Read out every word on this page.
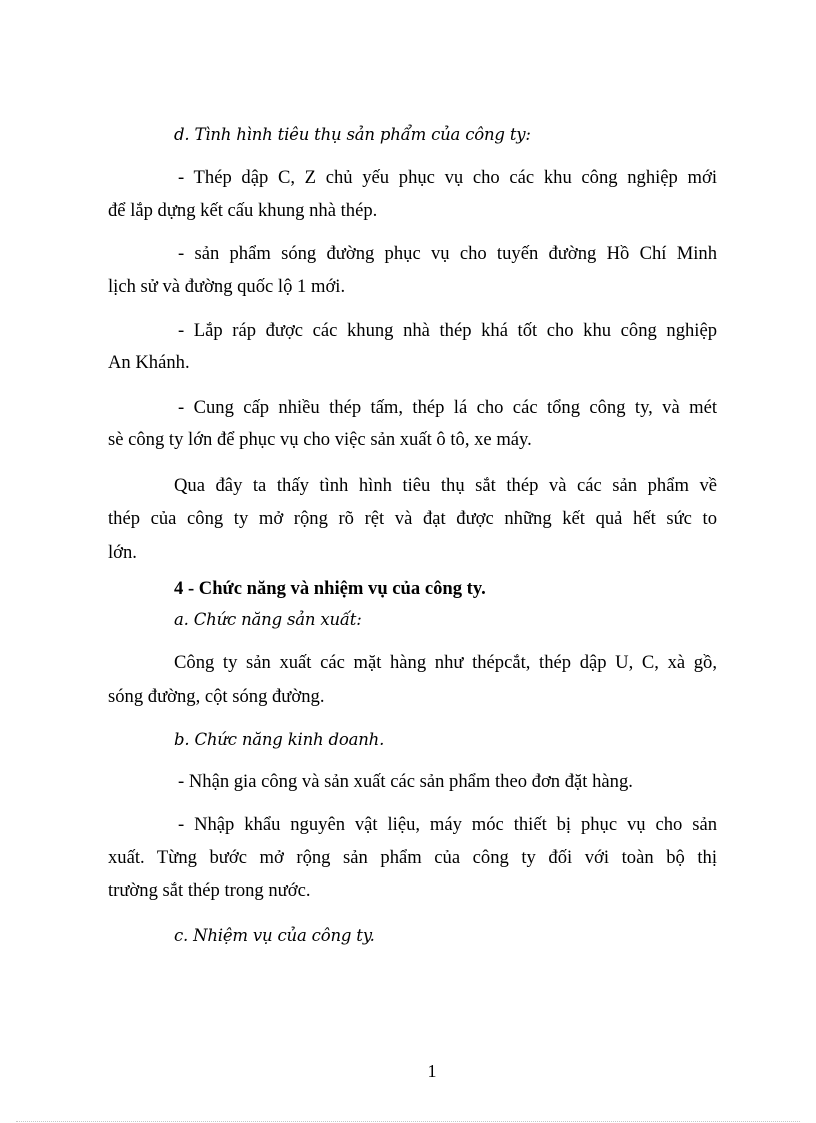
d. Tình hình tiêu thụ sản phẩm của công ty:
- Thép dập C, Z chủ yếu phục vụ cho các khu công nghiệp mới
để lắp dựng kết cấu khung nhà thép.
- sản phẩm sóng đường phục vụ cho tuyến đường Hồ Chí Minh
lịch sử và đường quốc lộ 1 mới.
- Lắp ráp được các khung nhà thép khá tốt cho khu công nghiệp
An Khánh.
- Cung cấp nhiều thép tấm, thép lá cho các tổng công ty, và mét
sè công ty lớn để phục vụ cho việc sản xuất ô tô, xe máy.
Qua đây ta thấy tình hình tiêu thụ sắt thép và các sản phẩm về
thép của công ty mở rộng rõ rệt và đạt được những kết quả hết sức to
lớn.
4 - Chức năng và nhiệm vụ của công ty.
a. Chức năng sản xuất:
Công ty sản xuất các mặt hàng như thépcắt, thép dập U, C, xà gồ,
sóng đường, cột sóng đường.
b. Chức năng kinh doanh.
- Nhận gia công và sản xuất các sản phẩm theo đơn đặt hàng.
- Nhập khẩu nguyên vật liệu, máy móc thiết bị phục vụ cho sản
xuất. Từng bước mở rộng sản phẩm của công ty đối với toàn bộ thị
trường sắt thép trong nước.
c. Nhiệm vụ của công ty.
1
